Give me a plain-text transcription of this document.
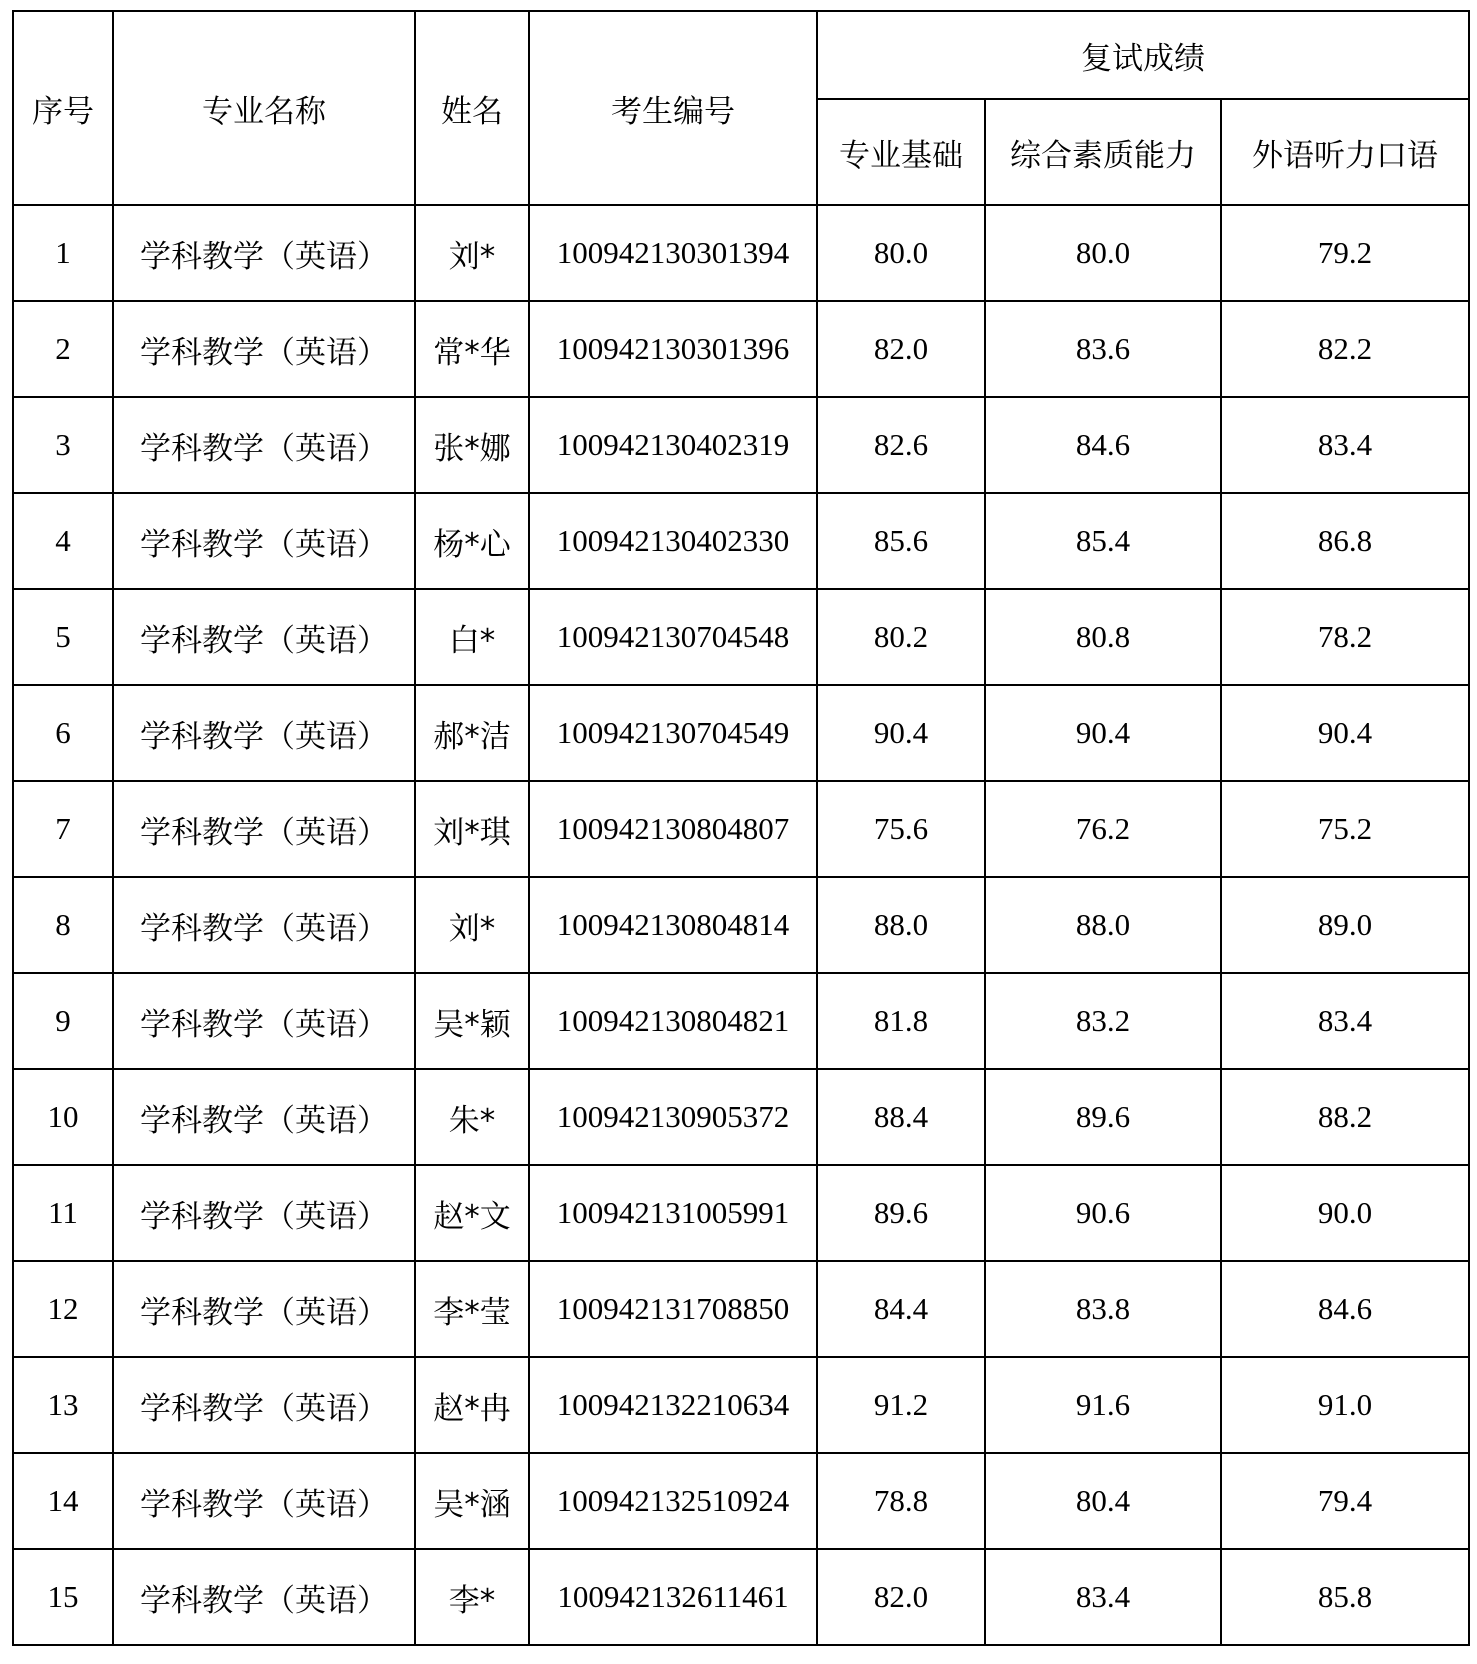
序号	专业名称	姓名	考生编号	复试成绩		
				专业基础	综合素质能力	外语听力口语
1	学科教学（英语）	刘*	100942130301394	80.0	80.0	79.2
2	学科教学（英语）	常*华	100942130301396	82.0	83.6	82.2
3	学科教学（英语）	张*娜	100942130402319	82.6	84.6	83.4
4	学科教学（英语）	杨*心	100942130402330	85.6	85.4	86.8
5	学科教学（英语）	白*	100942130704548	80.2	80.8	78.2
6	学科教学（英语）	郝*洁	100942130704549	90.4	90.4	90.4
7	学科教学（英语）	刘*琪	100942130804807	75.6	76.2	75.2
8	学科教学（英语）	刘*	100942130804814	88.0	88.0	89.0
9	学科教学（英语）	吴*颖	100942130804821	81.8	83.2	83.4
10	学科教学（英语）	朱*	100942130905372	88.4	89.6	88.2
11	学科教学（英语）	赵*文	100942131005991	89.6	90.6	90.0
12	学科教学（英语）	李*莹	100942131708850	84.4	83.8	84.6
13	学科教学（英语）	赵*冉	100942132210634	91.2	91.6	91.0
14	学科教学（英语）	吴*涵	100942132510924	78.8	80.4	79.4
15	学科教学（英语）	李*	100942132611461	82.0	83.4	85.8
